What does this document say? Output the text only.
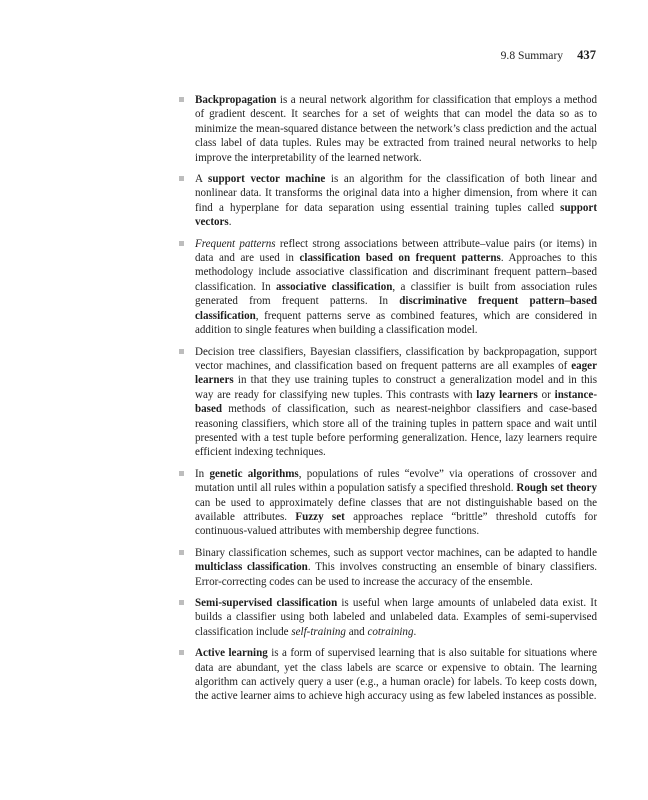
9.8 Summary 437
Backpropagation is a neural network algorithm for classification that employs a method of gradient descent. It searches for a set of weights that can model the data so as to minimize the mean-squared distance between the network’s class prediction and the actual class label of data tuples. Rules may be extracted from trained neural networks to help improve the interpretability of the learned network.
A support vector machine is an algorithm for the classification of both linear and nonlinear data. It transforms the original data into a higher dimension, from where it can find a hyperplane for data separation using essential training tuples called support vectors.
Frequent patterns reflect strong associations between attribute–value pairs (or items) in data and are used in classification based on frequent patterns. Approaches to this methodology include associative classification and discriminant frequent pattern–based classification. In associative classification, a classifier is built from association rules generated from frequent patterns. In discriminative frequent pattern–based classification, frequent patterns serve as combined features, which are considered in addition to single features when building a classification model.
Decision tree classifiers, Bayesian classifiers, classification by backpropagation, support vector machines, and classification based on frequent patterns are all examples of eager learners in that they use training tuples to construct a generalization model and in this way are ready for classifying new tuples. This contrasts with lazy learners or instance-based methods of classification, such as nearest-neighbor classifiers and case-based reasoning classifiers, which store all of the training tuples in pattern space and wait until presented with a test tuple before performing generalization. Hence, lazy learners require efficient indexing techniques.
In genetic algorithms, populations of rules “evolve” via operations of crossover and mutation until all rules within a population satisfy a specified threshold. Rough set theory can be used to approximately define classes that are not distinguishable based on the available attributes. Fuzzy set approaches replace “brittle” threshold cutoffs for continuous-valued attributes with membership degree functions.
Binary classification schemes, such as support vector machines, can be adapted to handle multiclass classification. This involves constructing an ensemble of binary classifiers. Error-correcting codes can be used to increase the accuracy of the ensemble.
Semi-supervised classification is useful when large amounts of unlabeled data exist. It builds a classifier using both labeled and unlabeled data. Examples of semi-supervised classification include self-training and cotraining.
Active learning is a form of supervised learning that is also suitable for situations where data are abundant, yet the class labels are scarce or expensive to obtain. The learning algorithm can actively query a user (e.g., a human oracle) for labels. To keep costs down, the active learner aims to achieve high accuracy using as few labeled instances as possible.
